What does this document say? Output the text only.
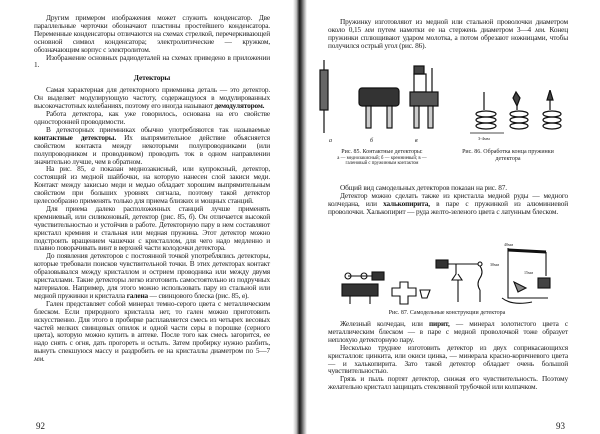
Другим примером изображения может служить конденсатор. Две параллельные черточки обозначают пластины простейшего конденсатора. Переменные конденсаторы отличаются на схемах стрелкой, перечеркивающей основной символ конденсатора; электролитические — кружком, обозначающим корпус с электролитом.

Изображение основных радиодеталей на схемах приведено в приложении 1.

Детекторы

Самая характерная для детекторного приемника деталь — это детектор. Он выделяет модулирующую частоту, содержащуюся в модулированных высокочастотных колебаниях, поэтому его иногда называют демодулятором.

Работа детектора, как уже говорилось, основана на его свойстве односторонней проводимости.

В детекторных приемниках обычно употребляются так называемые контактные детекторы. Их выпрямительное действие объясняется свойством контакта между некоторыми полупроводниками (или полупроводником и проводником) проводить ток в одном направлении значительно лучше, чем в обратном.

На рис. 85, а показан меднозакисный, или купроксный, детектор, состоящий из медной шайбочки, на которую нанесен слой закиси меди. Контакт между закисью меди и медью обладает хорошим выпрямительным свойством при больших уровнях сигнала, поэтому такой детектор целесообразно применять только для приема близких и мощных станций.

Для приема далеко расположенных станций лучше применять кремниевый, или силиконовый, детектор (рис. 85, б). Он отличается высокой чувствительностью и устойчив в работе. Детекторную пару в нем составляют кристалл кремния и стальная или медная пружина. Этот детектор можно подстроить вращением чашечки с кристаллом, для чего надо медленно и плавно поворачивать винт в верхней части колодочки детектора.

До появления детекторов с постоянной точкой употреблялись детекторы, которые требовали поисков чувствительной точки. В этих детекторах контакт образовывался между кристаллом и острием проводника или между двумя кристаллами. Такие детекторы легко изготовить самостоятельно из подручных материалов. Например, для этого можно использовать пару из стальной или медной пружинки и кристалла галена — свинцового блеска (рис. 85, в).

Гален представляет собой минерал темно-серого цвета с металлическим блеском. Если природного кристалла нет, то гален можно приготовить искусственно. Для этого в пробирке расплавляется смесь из четырех весовых частей мелких свинцовых опилок и одной части серы в порошке (серного цвета), которую можно купить в аптеке. После того как смесь загорится, ее надо снять с огня, дать прогореть и остыть. Затем пробирку нужно разбить, вынуть спекшуюся массу и раздробить ее на кристаллы диаметром по 5—7 мм.

92

Пружинку изготовляют из медной или стальной проволочки диаметром около 0,15 мм путем намотки ее на стержень диаметром 3—4 мм. Конец пружинки сплющивают ударом молотка, а потом обрезают ножницами, чтобы получился острый угол (рис. 86).

а	б	в
Рис. 85. Контактные детекторы:
а — меднозакисный; б — кремниевый; в — галеновый с пружинным контактом
3-4мм
Рис. 86. Обработка конца пружинки детектора

Общий вид самодельных детекторов показан на рис. 87.

Детектор можно сделать также из кристалла медной руды — медного колчедана, или халькопирита, в паре с пружинкой из алюминиевой проволочки. Халькопирит — руда желто-зеленого цвета с латунным блеском.

40мм
30мм
15мм
Рис. 87. Самодельные конструкции детектора

Железный колчедан, или пирит, — минерал золотистого цвета с металлическим блеском — в паре с медной проволочкой тоже образует неплохую детекторную пару.

Несколько труднее изготовить детектор из двух соприкасающихся кристаллов: цинкита, или окиси цинка, — минерала красно-коричневого цвета — и халькопирита. Зато такой детектор обладает очень большой чувствительностью.

Грязь и пыль портят детектор, снижая его чувствительность. Поэтому желательно кристалл защищать стеклянной трубочкой или колпачком.

93
